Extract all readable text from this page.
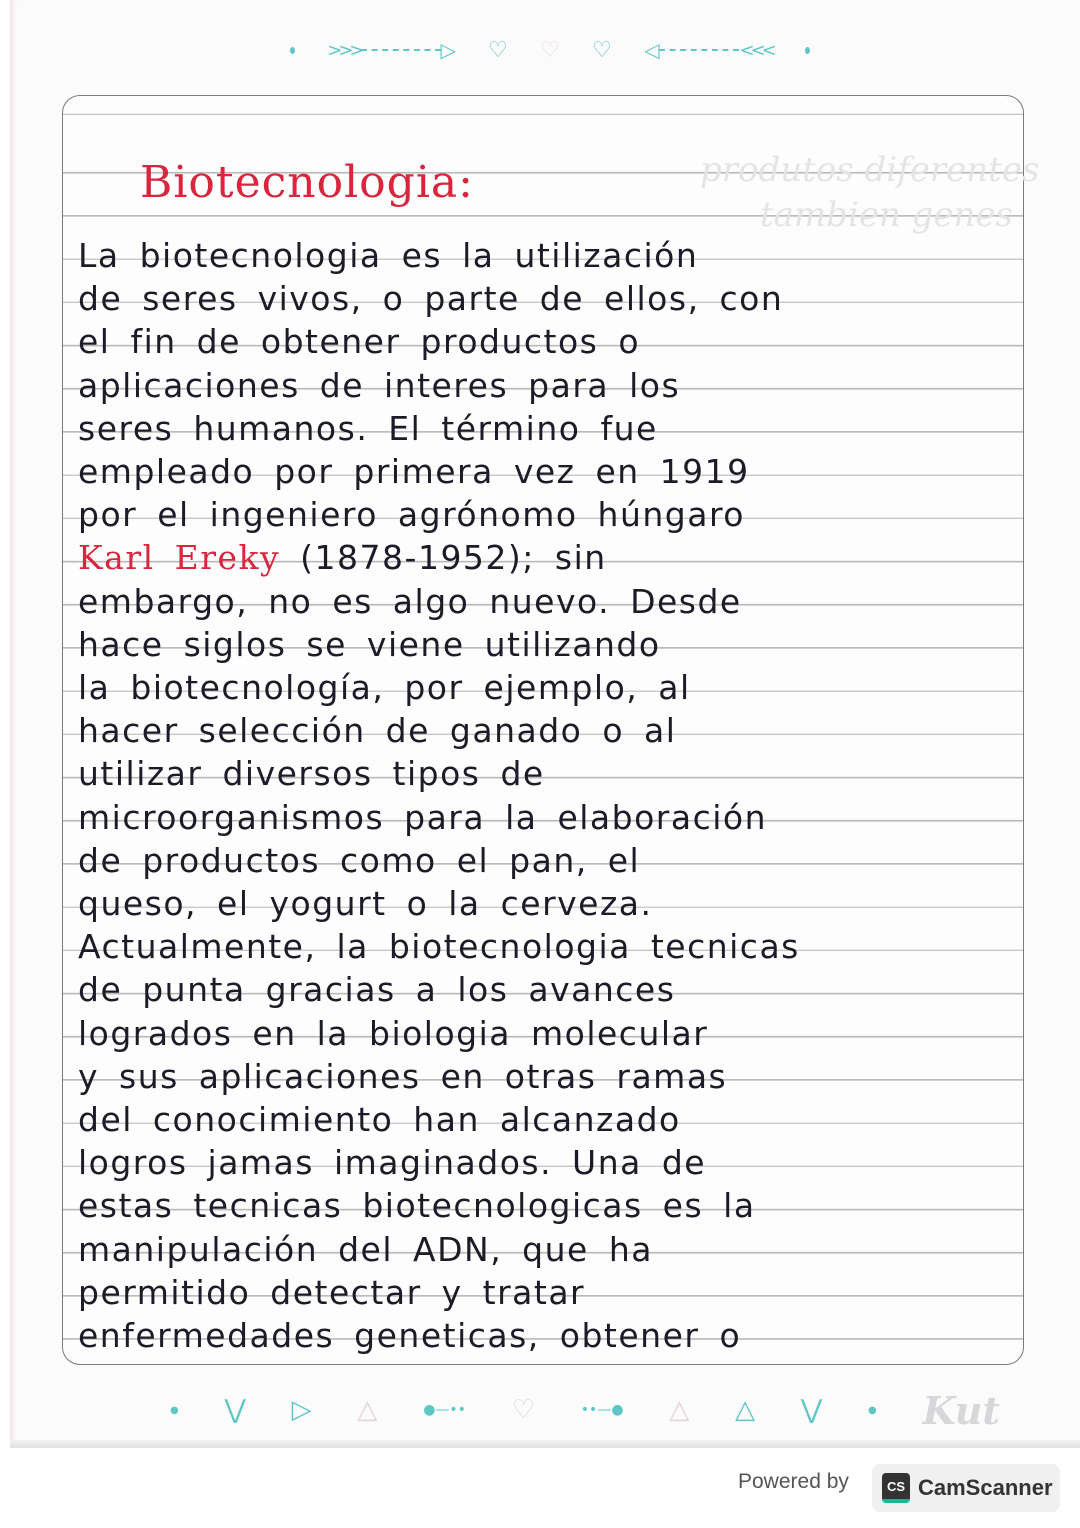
>>>	▷ ♡ ♡ ♡ ◁	<<<
produtos diferentes
tambien genes
Biotecnologia:
La biotecnologia es la utilización
de seres vivos, o parte de ellos, con
el fin de obtener productos o
aplicaciones de interes para los
seres humanos. El término fue
empleado por primera vez en 1919
por el ingeniero agrónomo húngaro
Karl Ereky (1878-1952); sin
embargo, no es algo nuevo. Desde
hace siglos se viene utilizando
la biotecnología, por ejemplo, al
hacer selección de ganado o al
utilizar diversos tipos de
microorganismos para la elaboración
de productos como el pan, el
queso, el yogurt o la cerveza.
Actualmente, la biotecnologia tecnicas
de punta gracias a los avances
logrados en la biologia molecular
y sus aplicaciones en otras ramas
del conocimiento han alcanzado
logros jamas imaginados. Una de
estas tecnicas biotecnologicas es la
manipulación del ADN, que ha
permitido detectar y tratar
enfermedades geneticas, obtener o
● ⋁ ▷ △	●—•• ♡	••—● △ △ ⋁	● Kut
Powered by	CS CamScanner
